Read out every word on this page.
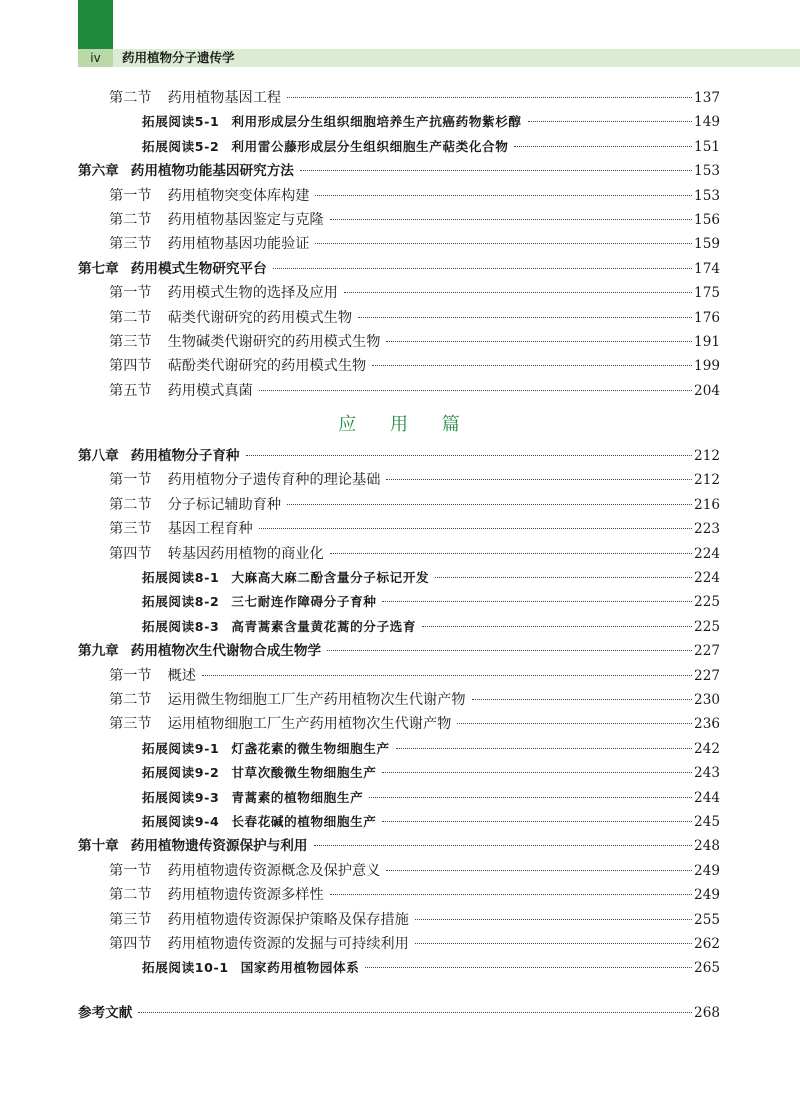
iv	药用植物分子遗传学
第二节 药用植物基因工程	137
拓展阅读5-1 利用形成层分生组织细胞培养生产抗癌药物紫杉醇	149
拓展阅读5-2 利用雷公藤形成层分生组织细胞生产萜类化合物	151
第六章 药用植物功能基因研究方法	153
第一节 药用植物突变体库构建	153
第二节 药用植物基因鉴定与克隆	156
第三节 药用植物基因功能验证	159
第七章 药用模式生物研究平台	174
第一节 药用模式生物的选择及应用	175
第二节 萜类代谢研究的药用模式生物	176
第三节 生物碱类代谢研究的药用模式生物	191
第四节 萜酚类代谢研究的药用模式生物	199
第五节 药用模式真菌	204
应 用 篇
第八章 药用植物分子育种	212
第一节 药用植物分子遗传育种的理论基础	212
第二节 分子标记辅助育种	216
第三节 基因工程育种	223
第四节 转基因药用植物的商业化	224
拓展阅读8-1 大麻高大麻二酚含量分子标记开发	224
拓展阅读8-2 三七耐连作障碍分子育种	225
拓展阅读8-3 高青蒿素含量黄花蒿的分子选育	225
第九章 药用植物次生代谢物合成生物学	227
第一节 概述	227
第二节 运用微生物细胞工厂生产药用植物次生代谢产物	230
第三节 运用植物细胞工厂生产药用植物次生代谢产物	236
拓展阅读9-1 灯盏花素的微生物细胞生产	242
拓展阅读9-2 甘草次酸微生物细胞生产	243
拓展阅读9-3 青蒿素的植物细胞生产	244
拓展阅读9-4 长春花碱的植物细胞生产	245
第十章 药用植物遗传资源保护与利用	248
第一节 药用植物遗传资源概念及保护意义	249
第二节 药用植物遗传资源多样性	249
第三节 药用植物遗传资源保护策略及保存措施	255
第四节 药用植物遗传资源的发掘与可持续利用	262
拓展阅读10-1 国家药用植物园体系	265
参考文献	268
